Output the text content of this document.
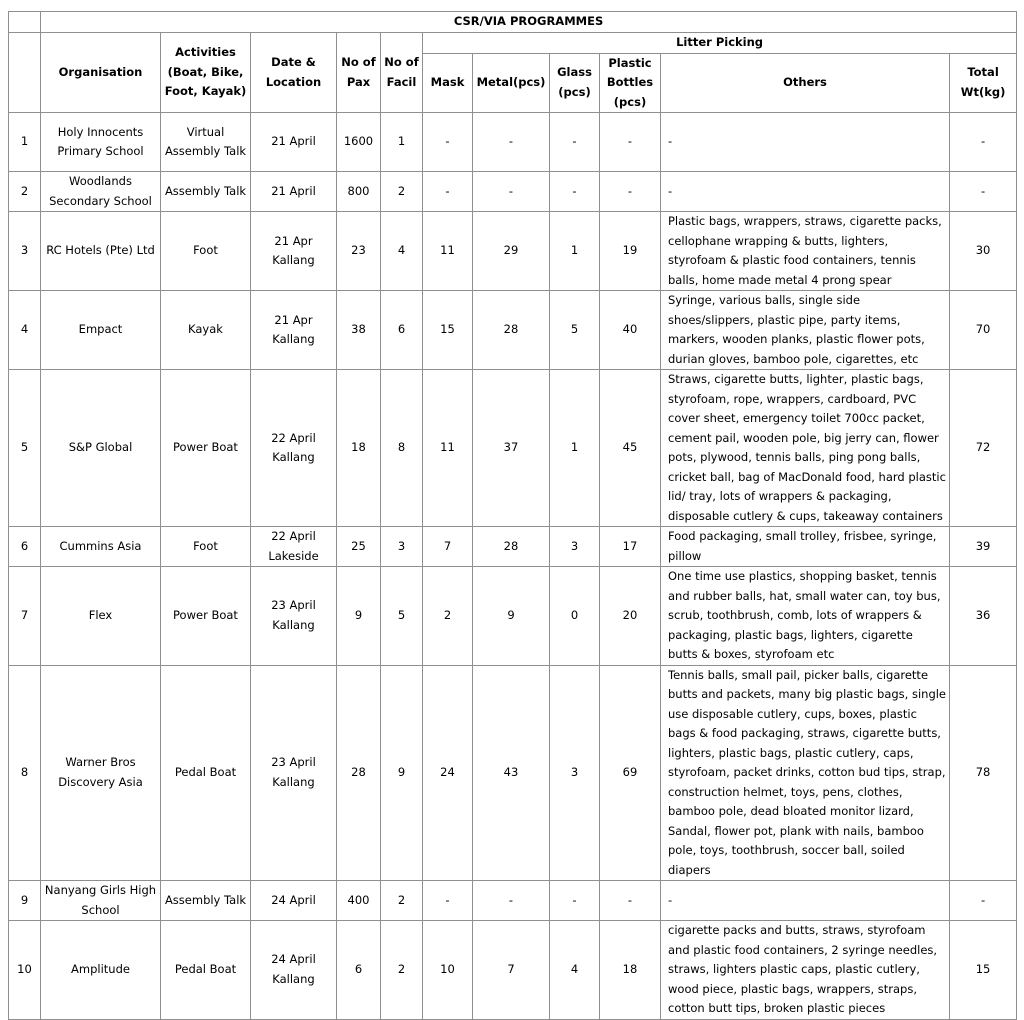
	CSR/VIA PROGRAMMES										
	Organisation	Activities (Boat, Bike, Foot, Kayak)	Date & Location	No of Pax	No of Facil	Litter Picking					
						Mask	Metal(pcs)	Glass (pcs)	Plastic Bottles (pcs)	Others	Total Wt(kg)
1	Holy Innocents Primary School	Virtual Assembly Talk	21 April	1600	1	-	-	-	-	-	-
2	Woodlands Secondary School	Assembly Talk	21 April	800	2	-	-	-	-	-	-
3	RC Hotels (Pte) Ltd	Foot	21 Apr Kallang	23	4	11	29	1	19	Plastic bags, wrappers, straws, cigarette packs, cellophane wrapping & butts, lighters, styrofoam & plastic food containers, tennis balls, home made metal 4 prong spear	30
4	Empact	Kayak	21 Apr Kallang	38	6	15	28	5	40	Syringe, various balls, single side shoes/slippers, plastic pipe, party items, markers, wooden planks, plastic flower pots, durian gloves, bamboo pole, cigarettes, etc	70
5	S&P Global	Power Boat	22 April Kallang	18	8	11	37	1	45	Straws, cigarette butts, lighter, plastic bags, styrofoam, rope, wrappers, cardboard, PVC cover sheet, emergency toilet 700cc packet, cement pail, wooden pole, big jerry can, flower pots, plywood, tennis balls, ping pong balls, cricket ball, bag of MacDonald food, hard plastic lid/ tray, lots of wrappers & packaging, disposable cutlery & cups, takeaway containers	72
6	Cummins Asia	Foot	22 April Lakeside	25	3	7	28	3	17	Food packaging, small trolley, frisbee, syringe, pillow	39
7	Flex	Power Boat	23 April Kallang	9	5	2	9	0	20	One time use plastics, shopping basket, tennis and rubber balls, hat, small water can, toy bus, scrub, toothbrush, comb, lots of wrappers & packaging, plastic bags, lighters, cigarette butts & boxes, styrofoam etc	36
8	Warner Bros Discovery Asia	Pedal Boat	23 April Kallang	28	9	24	43	3	69	Tennis balls, small pail, picker balls, cigarette butts and packets, many big plastic bags, single use disposable cutlery, cups, boxes, plastic bags & food packaging, straws, cigarette butts, lighters, plastic bags, plastic cutlery, caps, styrofoam, packet drinks, cotton bud tips, strap, construction helmet, toys, pens, clothes, bamboo pole, dead bloated monitor lizard, Sandal, flower pot, plank with nails, bamboo pole, toys, toothbrush, soccer ball, soiled diapers	78
9	Nanyang Girls High School	Assembly Talk	24 April	400	2	-	-	-	-	-	-
10	Amplitude	Pedal Boat	24 April Kallang	6	2	10	7	4	18	cigarette packs and butts, straws, styrofoam and plastic food containers, 2 syringe needles, straws, lighters plastic caps, plastic cutlery, wood piece, plastic bags, wrappers, straps, cotton butt tips, broken plastic pieces	15
